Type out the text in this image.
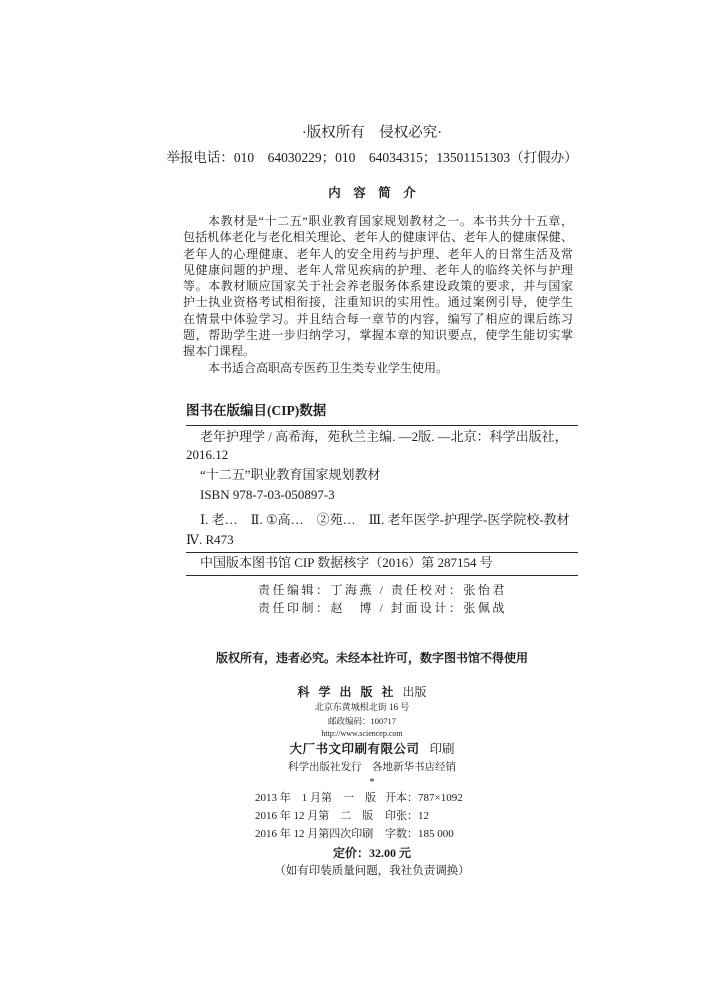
·版权所有　侵权必究·
举报电话：010　64030229；010　64034315；13501151303（打假办）
内　容　简　介
本教材是“十二五”职业教育国家规划教材之一。本书共分十五章，
包括机体老化与老化相关理论、老年人的健康评估、老年人的健康保健、
老年人的心理健康、老年人的安全用药与护理、老年人的日常生活及常
见健康问题的护理、老年人常见疾病的护理、老年人的临终关怀与护理
等。本教材顺应国家关于社会养老服务体系建设政策的要求，并与国家
护士执业资格考试相衔接，注重知识的实用性。通过案例引导，使学生
在情景中体验学习。并且结合每一章节的内容，编写了相应的课后练习
题，帮助学生进一步归纳学习，掌握本章的知识要点，使学生能切实掌
握本门课程。
本书适合高职高专医药卫生类专业学生使用。
图书在版编目(CIP)数据
老年护理学 / 高希海，苑秋兰主编. —2版. —北京：科学出版社，
2016.12
“十二五”职业教育国家规划教材
ISBN 978-7-03-050897-3
Ⅰ. 老…　Ⅱ. ①高…　②苑…　Ⅲ. 老年医学-护理学-医学院校-教材
Ⅳ. R473
中国版本图书馆 CIP 数据核字（2016）第 287154 号
责任编辑：丁海燕 / 责任校对：张怡君
责任印制：赵　博 / 封面设计：张佩战
版权所有，违者必究。未经本社许可，数字图书馆不得使用
科 学 出 版 社 出版
北京东黄城根北街 16 号
邮政编码：100717
http://www.sciencep.com
大厂书文印刷有限公司 印刷
科学出版社发行　各地新华书店经销
*
2013 年　1 月第　一　版 开本：787×1092
2016 年 12 月第　二　版 印张：12
2016 年 12 月第四次印刷 字数：185 000
定价：32.00 元
（如有印装质量问题，我社负责调换）
